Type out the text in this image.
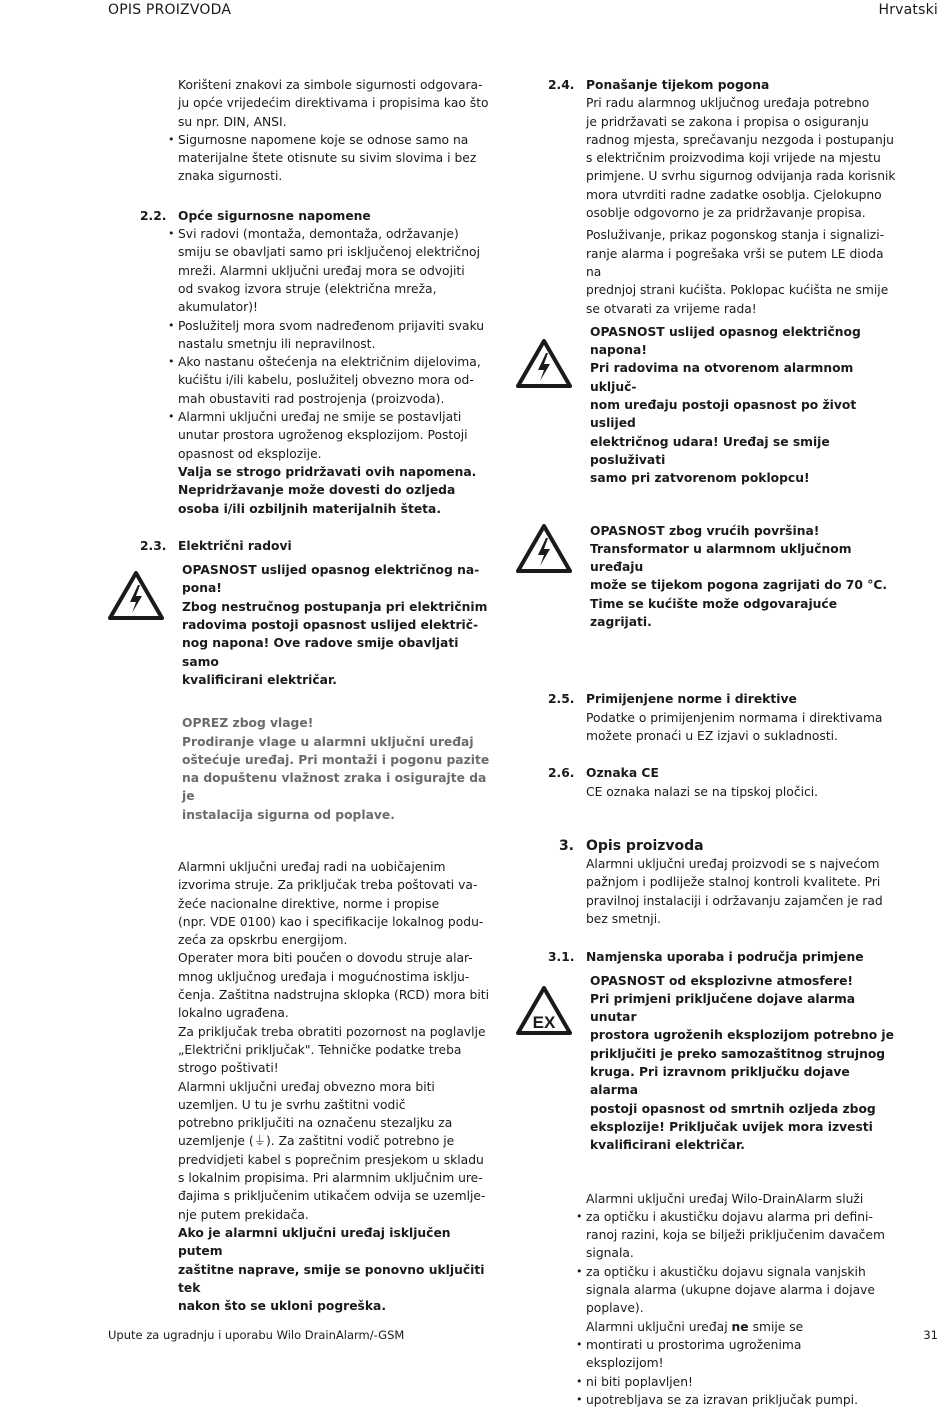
OPIS PROIZVODA	Hrvatski

Korišteni znakovi za simbole sigurnosti odgovara-
ju opće vrijedećim direktivama i propisima kao što
su npr. DIN, ANSI.

• Sigurnosne napomene koje se odnose samo na
materijalne štete otisnute su sivim slovima i bez
znaka sigurnosti.

2.2. Opće sigurnosne napomene

• Svi radovi (montaža, demontaža, održavanje)
smiju se obavljati samo pri isključenoj električnoj
mreži. Alarmni uključni uređaj mora se odvojiti
od svakog izvora struje (električna mreža,
akumulator)!

• Poslužitelj mora svom nadređenom prijaviti svaku
nastalu smetnju ili nepravilnost.

• Ako nastanu oštećenja na električnim dijelovima,
kućištu i/ili kabelu, poslužitelj obvezno mora od-
mah obustaviti rad postrojenja (proizvoda).

• Alarmni uključni uređaj ne smije se postavljati
unutar prostora ugroženog eksplozijom. Postoji
opasnost od eksplozije.

Valja se strogo pridržavati ovih napomena.
Nepridržavanje može dovesti do ozljeda
osoba i/ili ozbiljnih materijalnih šteta.

2.3. Električni radovi

OPASNOST uslijed opasnog električnog na-
pona!
Zbog nestručnog postupanja pri električnim
radovima postoji opasnost uslijed električ-
nog napona! Ove radove smije obavljati samo
kvalificirani električar.

OPREZ zbog vlage!
Prodiranje vlage u alarmni uključni uređaj
oštećuje uređaj. Pri montaži i pogonu pazite
na dopuštenu vlažnost zraka i osigurajte da je
instalacija sigurna od poplave.

Alarmni uključni uređaj radi na uobičajenim
izvorima struje. Za priključak treba poštovati va-
žeće nacionalne direktive, norme i propise
(npr. VDE 0100) kao i specifikacije lokalnog podu-
zeća za opskrbu energijom.

Operater mora biti poučen o dovodu struje alar-
mnog uključnog uređaja i mogućnostima isklju-
čenja. Zaštitna nadstrujna sklopka (RCD) mora biti
lokalno ugrađena.

Za priključak treba obratiti pozornost na poglavlje
„Električni priključak". Tehničke podatke treba
strogo poštivati!

Alarmni uključni uređaj obvezno mora biti
uzemljen. U tu je svrhu zaštitni vodič
potrebno priključiti na označenu stezaljku za
uzemljenje (⏚). Za zaštitni vodič potrebno je
predvidjeti kabel s poprečnim presjekom u skladu
s lokalnim propisima. Pri alarmnim uključnim ure-
đajima s priključenim utikačem odvija se uzemlje-
nje putem prekidača.

Ako je alarmni uključni uređaj isključen putem
zaštitne naprave, smije se ponovno uključiti tek
nakon što se ukloni pogreška.

2.4. Ponašanje tijekom pogona

Pri radu alarmnog uključnog uređaja potrebno
je pridržavati se zakona i propisa o osiguranju
radnog mjesta, sprečavanju nezgoda i postupanju
s električnim proizvodima koji vrijede na mjestu
primjene. U svrhu sigurnog odvijanja rada korisnik
mora utvrditi radne zadatke osoblja. Cjelokupno
osoblje odgovorno je za pridržavanje propisa.

Posluživanje, prikaz pogonskog stanja i signalizi-
ranje alarma i pogrešaka vrši se putem LE dioda na
prednjoj strani kućišta. Poklopac kućišta ne smije
se otvarati za vrijeme rada!

OPASNOST uslijed opasnog električnog
napona!
Pri radovima na otvorenom alarmnom uključ-
nom uređaju postoji opasnost po život uslijed
električnog udara! Uređaj se smije posluživati
samo pri zatvorenom poklopcu!

OPASNOST zbog vrućih površina!
Transformator u alarmnom uključnom uređaju
može se tijekom pogona zagrijati do 70 °C.
Time se kućište može odgovarajuće zagrijati.

2.5. Primijenjene norme i direktive

Podatke o primijenjenim normama i direktivama
možete pronaći u EZ izjavi o sukladnosti.

2.6. Oznaka CE

CE oznaka nalazi se na tipskoj pločici.

3. Opis proizvoda

Alarmni uključni uređaj proizvodi se s najvećom
pažnjom i podliježe stalnoj kontroli kvalitete. Pri
pravilnoj instalaciji i održavanju zajamčen je rad
bez smetnji.

3.1. Namjenska uporaba i područja primjene
EX

OPASNOST od eksplozivne atmosfere!
Pri primjeni priključene dojave alarma unutar
prostora ugroženih eksplozijom potrebno je
priključiti je preko samozaštitnog strujnog
kruga. Pri izravnom priključku dojave alarma
postoji opasnost od smrtnih ozljeda zbog
eksplozije! Priključak uvijek mora izvesti
kvalificirani električar.

Alarmni uključni uređaj Wilo-DrainAlarm služi

• za optičku i akustičku dojavu alarma pri defini-
ranoj razini, koja se bilježi priključenim davačem
signala.

• za optičku i akustičku dojavu signala vanjskih
signala alarma (ukupne dojave alarma i dojave
poplave).

Alarmni uključni uređaj ne smije se

• montirati u prostorima ugroženima
eksplozijom!

• ni biti poplavljen!

• upotrebljava se za izravan priključak pumpi.

Upute za ugradnju i uporabu Wilo DrainAlarm/-GSM	31
